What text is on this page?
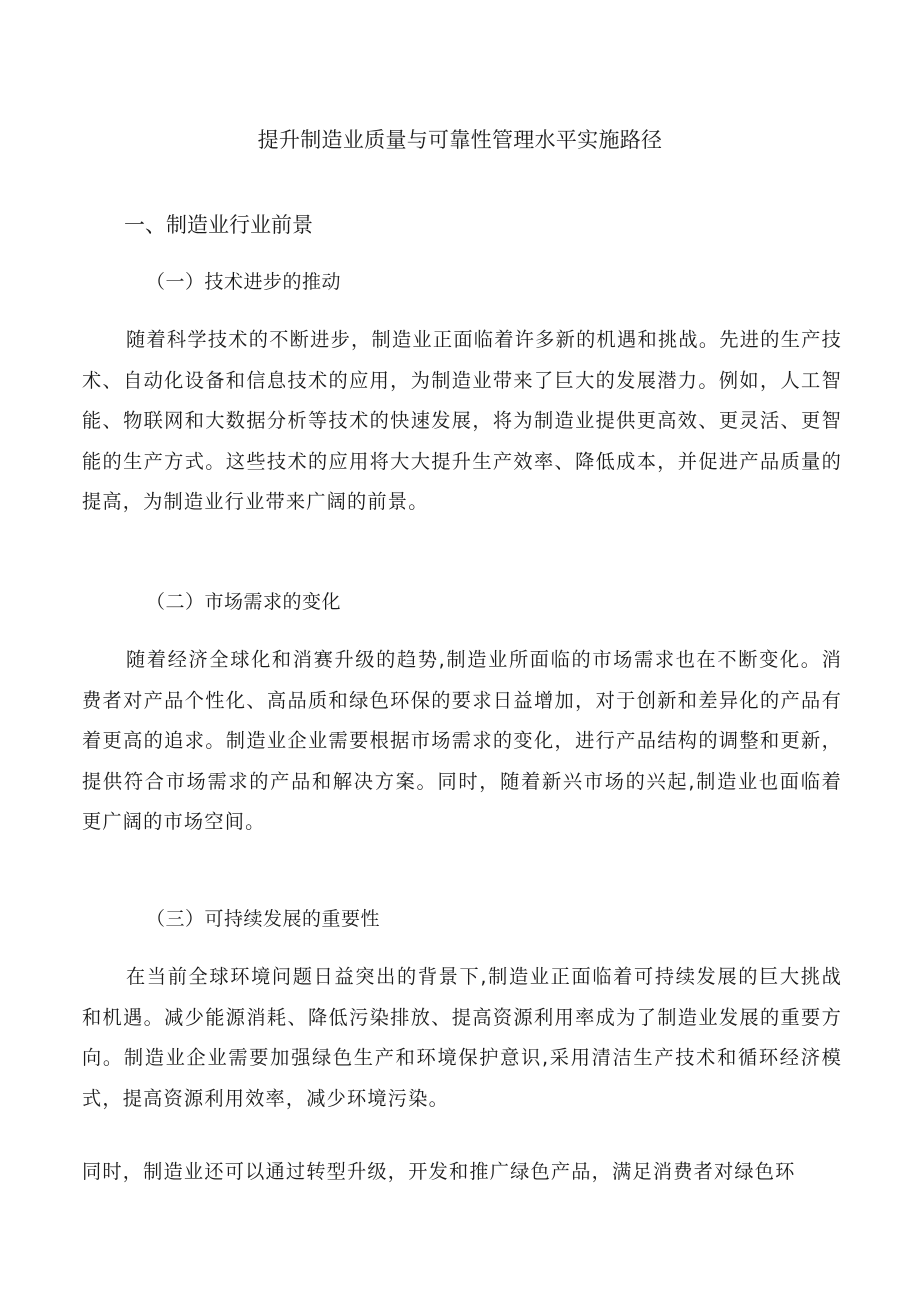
提升制造业质量与可靠性管理水平实施路径
一、制造业行业前景
（一）技术进步的推动

随着科学技术的不断进步，制造业正面临着许多新的机遇和挑战。先进的生产技术、自动化设备和信息技术的应用，为制造业带来了巨大的发展潜力。例如，人工智能、物联网和大数据分析等技术的快速发展，将为制造业提供更高效、更灵活、更智能的生产方式。这些技术的应用将大大提升生产效率、降低成本，并促进产品质量的提高，为制造业行业带来广阔的前景。

（二）市场需求的变化

随着经济全球化和消赛升级的趋势,制造业所面临的市场需求也在不断变化。消费者对产品个性化、高品质和绿色环保的要求日益增加，对于创新和差异化的产品有着更高的追求。制造业企业需要根据市场需求的变化，进行产品结构的调整和更新，提供符合市场需求的产品和解决方案。同时，随着新兴市场的兴起,制造业也面临着更广阔的市场空间。

（三）可持续发展的重要性

在当前全球环境问题日益突出的背景下,制造业正面临着可持续发展的巨大挑战和机遇。减少能源消耗、降低污染排放、提高资源利用率成为了制造业发展的重要方向。制造业企业需要加强绿色生产和环境保护意识,采用清洁生产技术和循环经济模式，提高资源利用效率，减少环境污染。

同时，制造业还可以通过转型升级，开发和推广绿色产品，满足消费者对绿色环
